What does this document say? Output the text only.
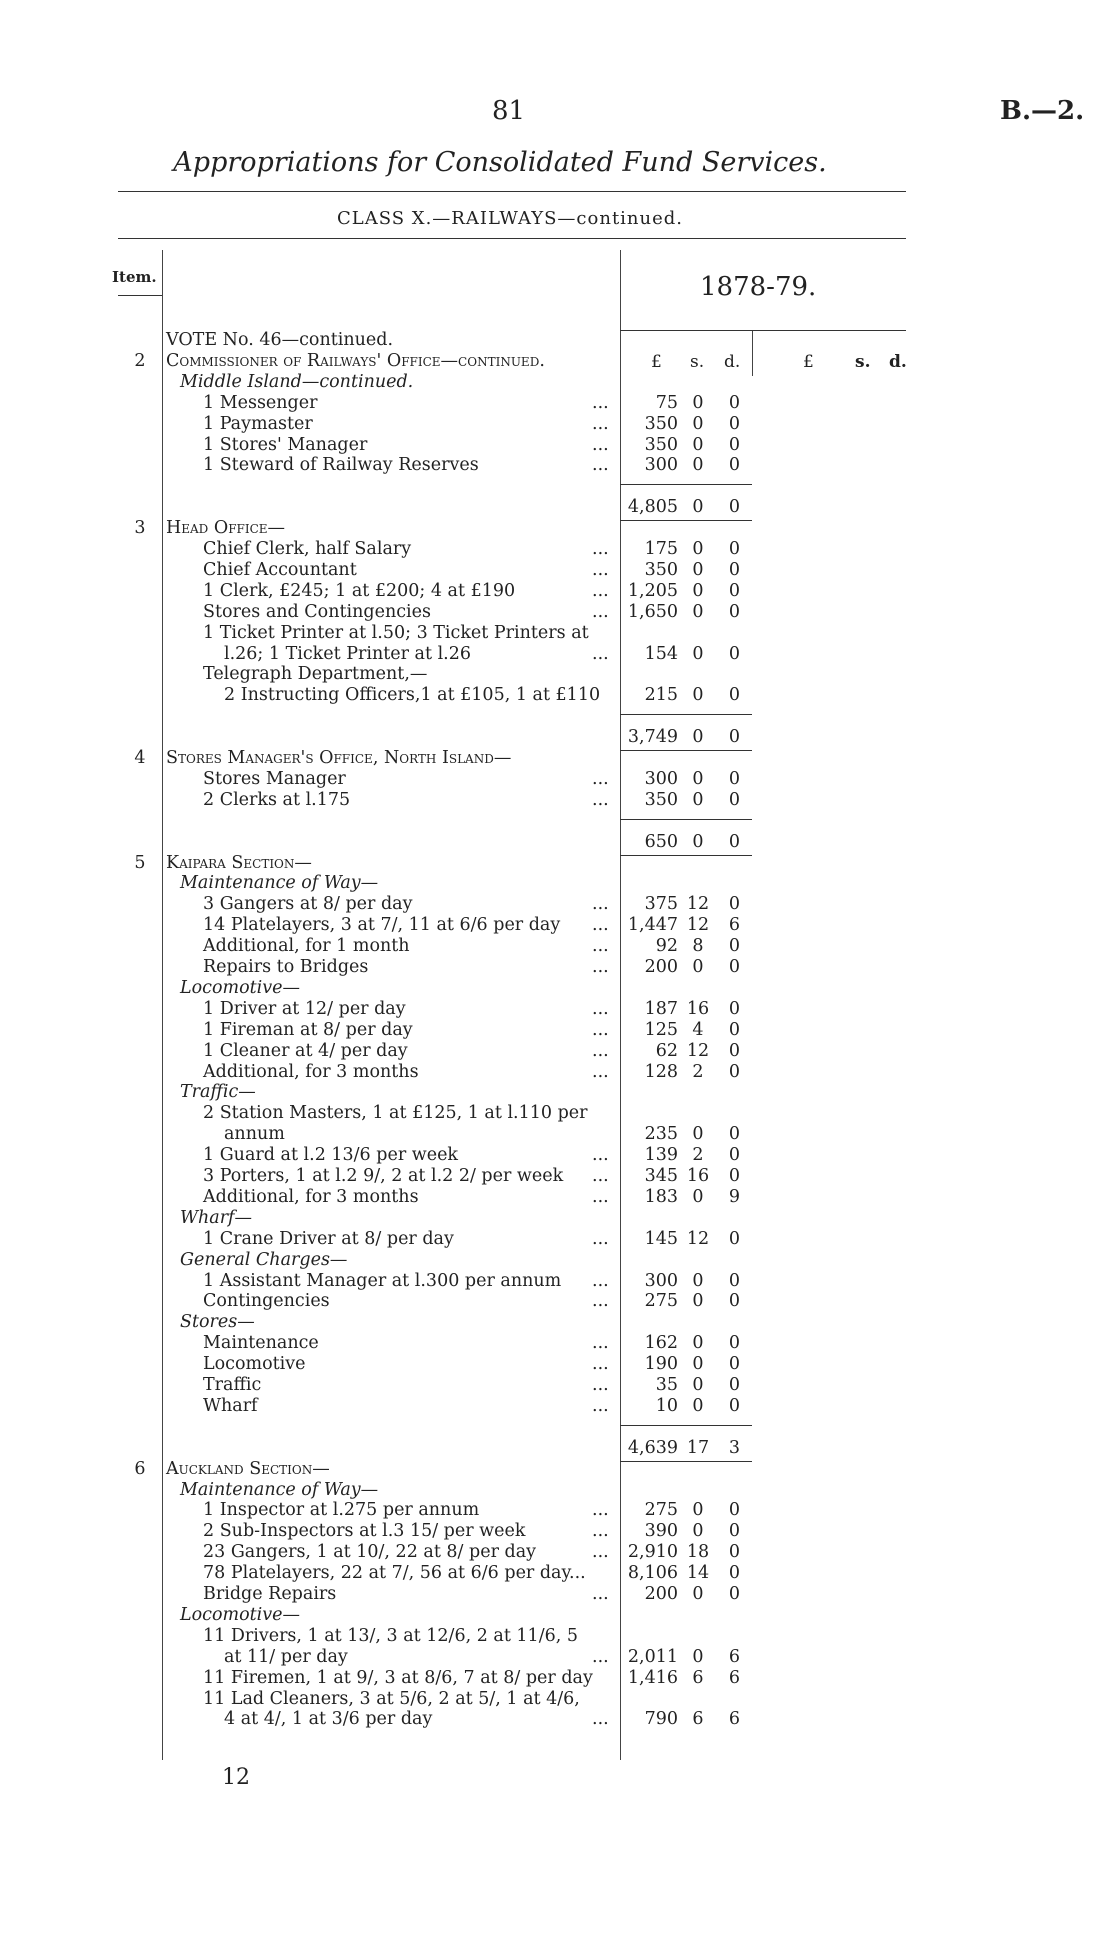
81	B.—2.
Appropriations for Consolidated Fund Services.
CLASS X.—RAILWAYS—continued.
Item.	1878-79.
£ s. d.	£ s. d.
VOTE No. 46—continued.
2	Commissioner of Railways' Office—continued.
Middle Island—continued.
1 Messenger	...	75 0	0
1 Paymaster	...	350 0	0
1 Stores' Manager	...	350 0	0
1 Steward of Railway Reserves	...	300 0	0
4,805 0	0
3	Head Office—
Chief Clerk, half Salary	...	175 0	0
Chief Accountant	...	350 0	0
1 Clerk, £245; 1 at £200; 4 at £190	...	1,205 0	0
Stores and Contingencies	...	1,650 0	0
1 Ticket Printer at l.50; 3 Ticket Printers at
l.26; 1 Ticket Printer at l.26	...	154 0	0
Telegraph Department,—
2 Instructing Officers,1 at £105, 1 at £110	215 0	0
3,749 0	0
4	Stores Manager's Office, North Island—
Stores Manager	...	300 0	0
2 Clerks at l.175	...	350 0	0
650 0	0
5	Kaipara Section—
Maintenance of Way—
3 Gangers at 8/ per day	...	375 12	0
14 Platelayers, 3 at 7/, 11 at 6/6 per day ...	1,447 12	6
Additional, for 1 month	...	92 8	0
Repairs to Bridges	...	200 0	0
Locomotive—
1 Driver at 12/ per day	...	187 16	0
1 Fireman at 8/ per day	...	125 4	0
1 Cleaner at 4/ per day	...	62 12	0
Additional, for 3 months	...	128 2	0
Traffic—
2 Station Masters, 1 at £125, 1 at l.110 per
annum	235 0	0
1 Guard at l.2 13/6 per week	...	139 2	0
3 Porters, 1 at l.2 9/, 2 at l.2 2/ per week ...	345 16	0
Additional, for 3 months	...	183 0	9
Wharf—
1 Crane Driver at 8/ per day	...	145 12	0
General Charges—
1 Assistant Manager at l.300 per annum ...	300 0	0
Contingencies	...	275 0	0
Stores—
Maintenance	...	162 0	0
Locomotive	...	190 0	0
Traffic	...	35 0	0
Wharf	...	10 0	0
4,639 17	3
6	Auckland Section—
Maintenance of Way—
1 Inspector at l.275 per annum	...	275 0	0
2 Sub-Inspectors at l.3 15/ per week	...	390 0	0
23 Gangers, 1 at 10/, 22 at 8/ per day	...	2,910 18	0
78 Platelayers, 22 at 7/, 56 at 6/6 per day...	8,106 14	0
Bridge Repairs	...	200 0	0
Locomotive—
11 Drivers, 1 at 13/, 3 at 12/6, 2 at 11/6, 5
at 11/ per day	...	2,011 0	6
11 Firemen, 1 at 9/, 3 at 8/6, 7 at 8/ per day	1,416 6	6
11 Lad Cleaners, 3 at 5/6, 2 at 5/, 1 at 4/6,
4 at 4/, 1 at 3/6 per day	...	790 6	6
12
